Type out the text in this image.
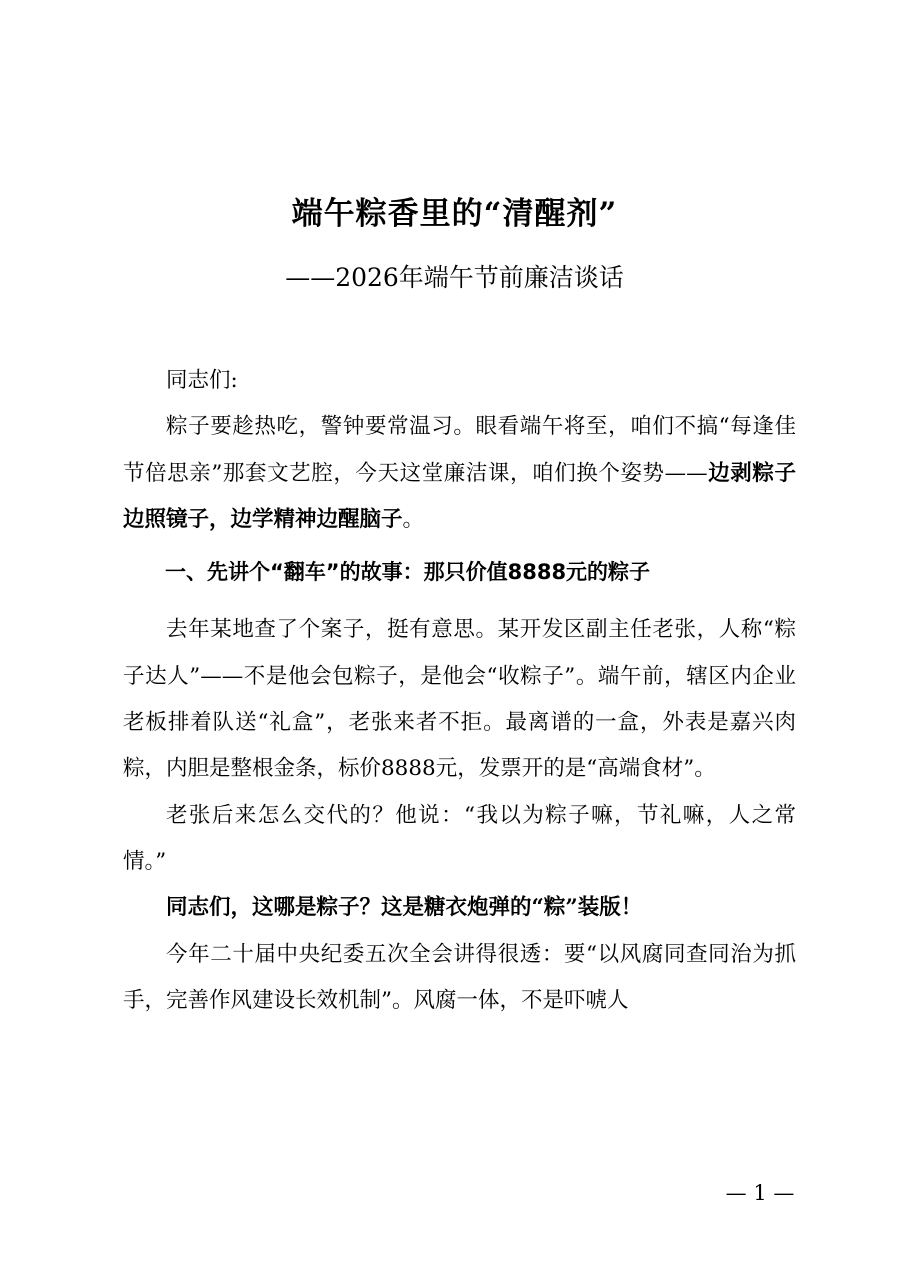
端午粽香里的“清醒剂”
——2026年端午节前廉洁谈话

同志们:

粽子要趁热吃，警钟要常温习。眼看端午将至，咱们不搞“每逢佳节倍思亲”那套文艺腔，今天这堂廉洁课，咱们换个姿势——边剥粽子边照镜子，边学精神边醒脑子。

一、先讲个“翻车”的故事：那只价值8888元的粽子

去年某地查了个案子，挺有意思。某开发区副主任老张，人称“粽子达人”——不是他会包粽子，是他会“收粽子”。端午前，辖区内企业老板排着队送“礼盒”，老张来者不拒。最离谱的一盒，外表是嘉兴肉粽，内胆是整根金条，标价8888元，发票开的是“高端食材”。

老张后来怎么交代的？他说：“我以为粽子嘛，节礼嘛，人之常情。”

同志们，这哪是粽子？这是糖衣炮弹的“粽”装版！

今年二十届中央纪委五次全会讲得很透：要“以风腐同查同治为抓手，完善作风建设长效机制”。风腐一体，不是吓唬人

— 1 —
